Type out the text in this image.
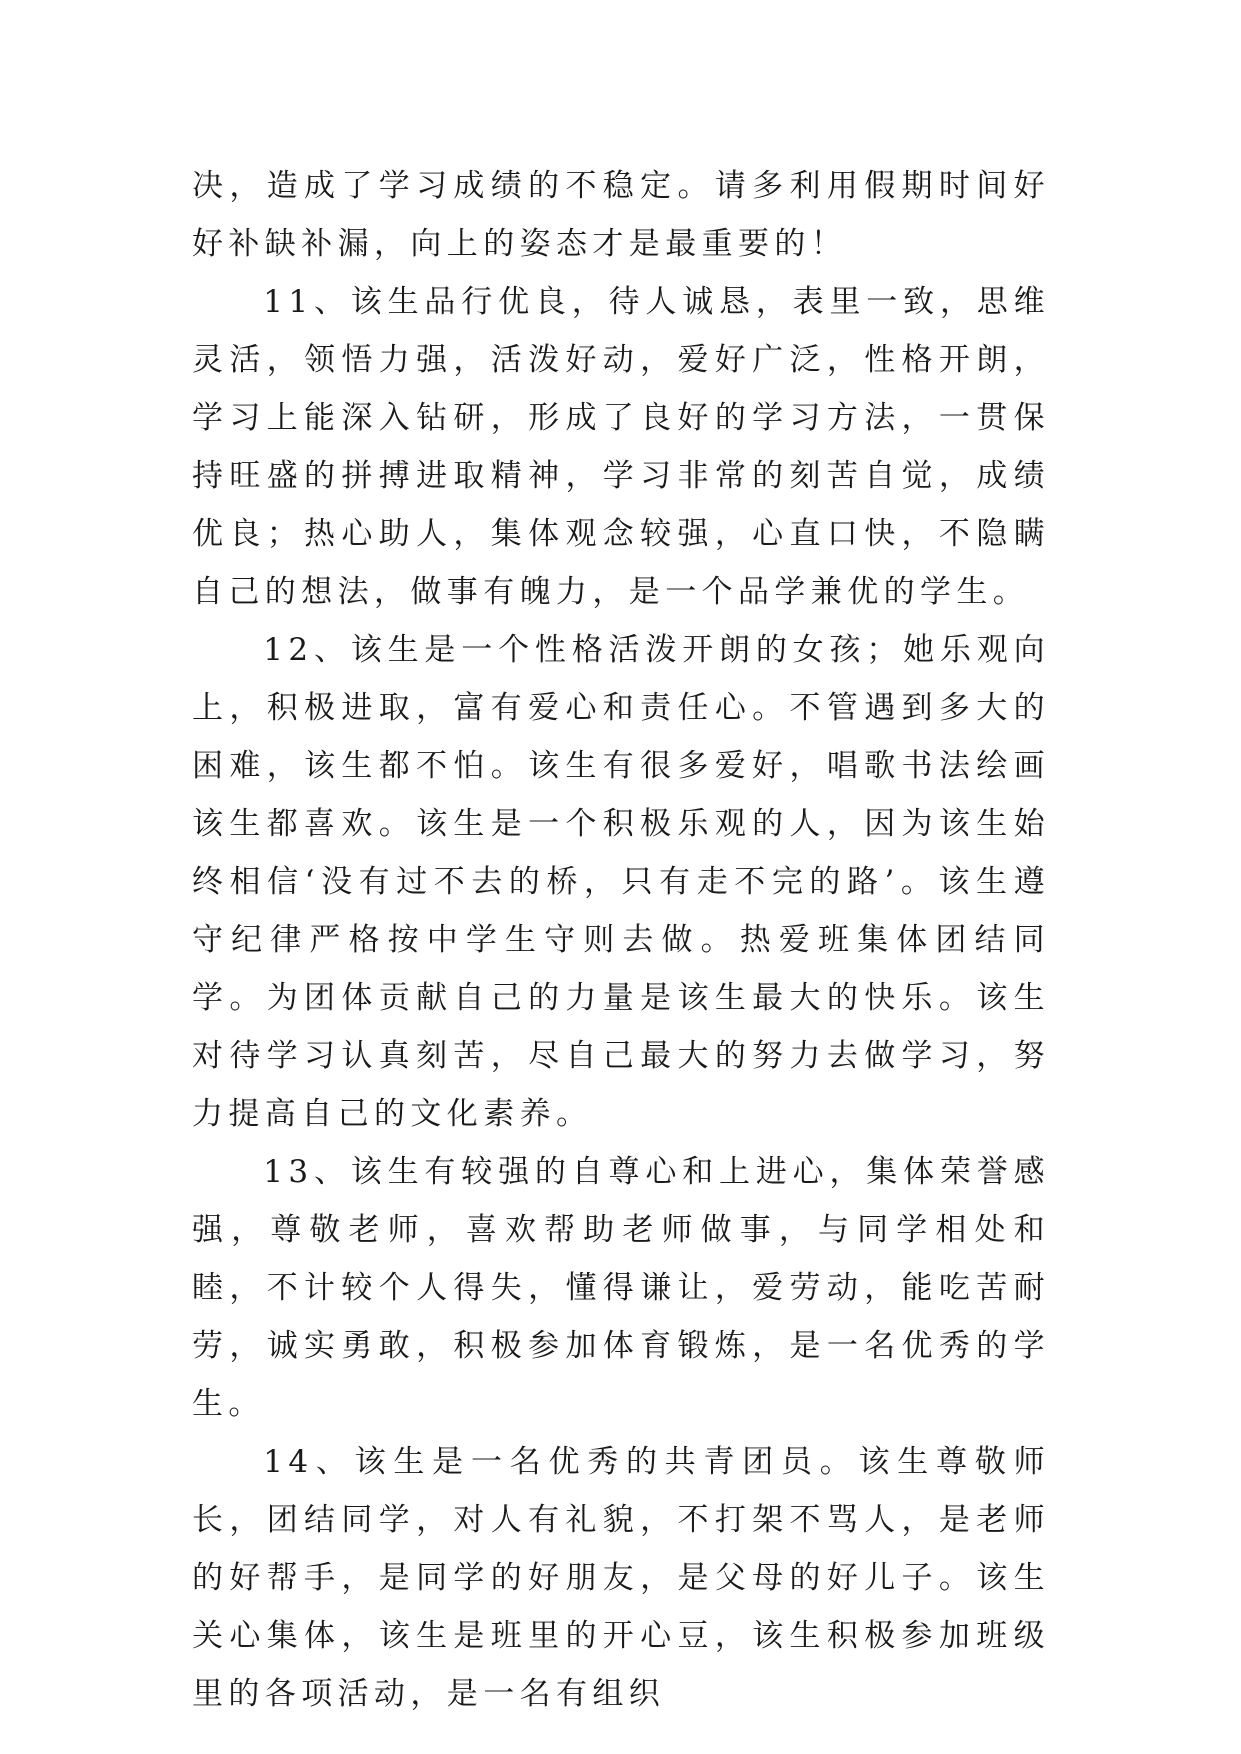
决，造成了学习成绩的不稳定。请多利用假期时间好好补缺补漏，向上的姿态才是最重要的！

11、该生品行优良，待人诚恳，表里一致，思维灵活，领悟力强，活泼好动，爱好广泛，性格开朗，学习上能深入钻研，形成了良好的学习方法，一贯保持旺盛的拼搏进取精神，学习非常的刻苦自觉，成绩优良；热心助人，集体观念较强，心直口快，不隐瞒自己的想法，做事有魄力，是一个品学兼优的学生。

12、该生是一个性格活泼开朗的女孩；她乐观向上，积极进取，富有爱心和责任心。不管遇到多大的困难，该生都不怕。该生有很多爱好，唱歌书法绘画该生都喜欢。该生是一个积极乐观的人，因为该生始终相信‘没有过不去的桥，只有走不完的路’。该生遵守纪律严格按中学生守则去做。热爱班集体团结同学。为团体贡献自己的力量是该生最大的快乐。该生对待学习认真刻苦，尽自己最大的努力去做学习，努力提高自己的文化素养。

13、该生有较强的自尊心和上进心，集体荣誉感强，尊敬老师，喜欢帮助老师做事，与同学相处和睦，不计较个人得失，懂得谦让，爱劳动，能吃苦耐劳，诚实勇敢，积极参加体育锻炼，是一名优秀的学生。

14、该生是一名优秀的共青团员。该生尊敬师长，团结同学，对人有礼貌，不打架不骂人，是老师的好帮手，是同学的好朋友，是父母的好儿子。该生关心集体，该生是班里的开心豆，该生积极参加班级里的各项活动，是一名有组织
